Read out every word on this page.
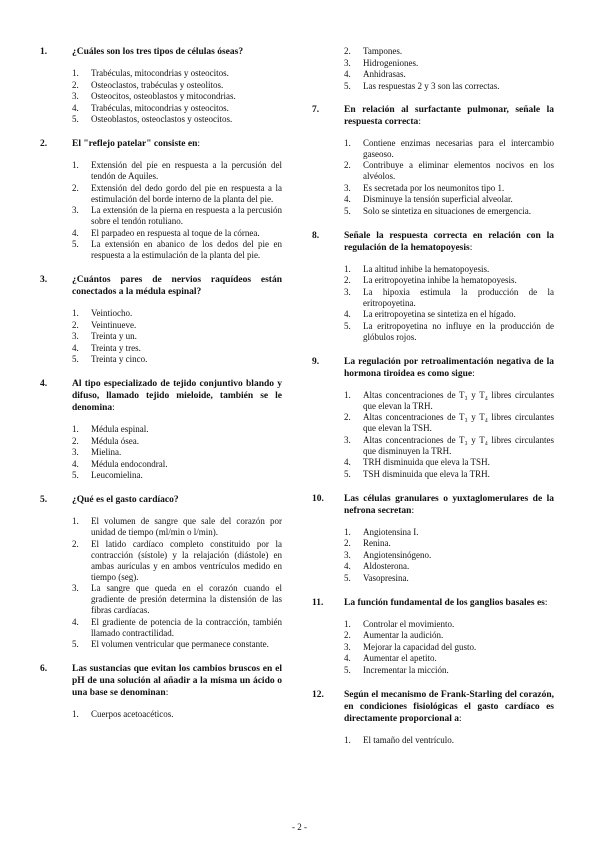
1.	¿Cuáles son los tres tipos de células óseas?
1.	Trabéculas, mitocondrias y osteocitos.
2.	Osteoclastos, trabéculas y osteolitos.
3.	Osteocitos, osteoblastos y mitocondrias.
4.	Trabéculas, mitocondrias y osteocitos.
5.	Osteoblastos, osteoclastos y osteocitos.
2.	El "reflejo patelar" consiste en:
1.	Extensión del pie en respuesta a la percusión del tendón de Aquiles.
2.	Extensión del dedo gordo del pie en respuesta a la estimulación del borde interno de la planta del pie.
3.	La extensión de la pierna en respuesta a la percusión sobre el tendón rotuliano.
4.	El parpadeo en respuesta al toque de la córnea.
5.	La extensión en abanico de los dedos del pie en respuesta a la estimulación de la planta del pie.
3.	¿Cuántos pares de nervios raquídeos están conectados a la médula espinal?
1.	Veintiocho.
2.	Veintinueve.
3.	Treinta y un.
4.	Treinta y tres.
5.	Treinta y cinco.
4.	Al tipo especializado de tejido conjuntivo blando y difuso, llamado tejido mieloide, también se le denomina:
1.	Médula espinal.
2.	Médula ósea.
3.	Mielina.
4.	Médula endocondral.
5.	Leucomielina.
5.	¿Qué es el gasto cardíaco?
1.	El volumen de sangre que sale del corazón por unidad de tiempo (ml/min o l/min).
2.	El latido cardíaco completo constituido por la contracción (sístole) y la relajación (diástole) en ambas aurículas y en ambos ventrículos medido en tiempo (seg).
3.	La sangre que queda en el corazón cuando el gradiente de presión determina la distensión de las fibras cardíacas.
4.	El gradiente de potencia de la contracción, también llamado contractilidad.
5.	El volumen ventricular que permanece constante.
6.	Las sustancias que evitan los cambios bruscos en el pH de una solución al añadir a la misma un ácido o una base se denominan:
1.	Cuerpos acetoacéticos.
2.	Tampones.
3.	Hidrogeniones.
4.	Anhidrasas.
5.	Las respuestas 2 y 3 son las correctas.
7.	En relación al surfactante pulmonar, señale la respuesta correcta:
1.	Contiene enzimas necesarias para el intercambio gaseoso.
2.	Contribuye a eliminar elementos nocivos en los alvéolos.
3.	Es secretada por los neumonitos tipo 1.
4.	Disminuye la tensión superficial alveolar.
5.	Solo se sintetiza en situaciones de emergencia.
8.	Señale la respuesta correcta en relación con la regulación de la hematopoyesis:
1.	La altitud inhibe la hematopoyesis.
2.	La eritropoyetina inhibe la hematopoyesis.
3.	La hipoxia estimula la producción de la eritropoyetina.
4.	La eritropoyetina se sintetiza en el hígado.
5.	La eritropoyetina no influye en la producción de glóbulos rojos.
9.	La regulación por retroalimentación negativa de la hormona tiroidea es como sigue:
1.	Altas concentraciones de T₃ y T₄ libres circulantes que elevan la TRH.
2.	Altas concentraciones de T₃ y T₄ libres circulantes que elevan la TSH.
3.	Altas concentraciones de T₃ y T₄ libres circulantes que disminuyen la TRH.
4.	TRH disminuida que eleva la TSH.
5.	TSH disminuida que eleva la TRH.
10.	Las células granulares o yuxtaglomerulares de la nefrona secretan:
1.	Angiotensina I.
2.	Renina.
3.	Angiotensinógeno.
4.	Aldosterona.
5.	Vasopresina.
11.	La función fundamental de los ganglios basales es:
1.	Controlar el movimiento.
2.	Aumentar la audición.
3.	Mejorar la capacidad del gusto.
4.	Aumentar el apetito.
5.	Incrementar la micción.
12.	Según el mecanismo de Frank-Starling del corazón, en condiciones fisiológicas el gasto cardíaco es directamente proporcional a:
1.	El tamaño del ventrículo.
- 2 -
